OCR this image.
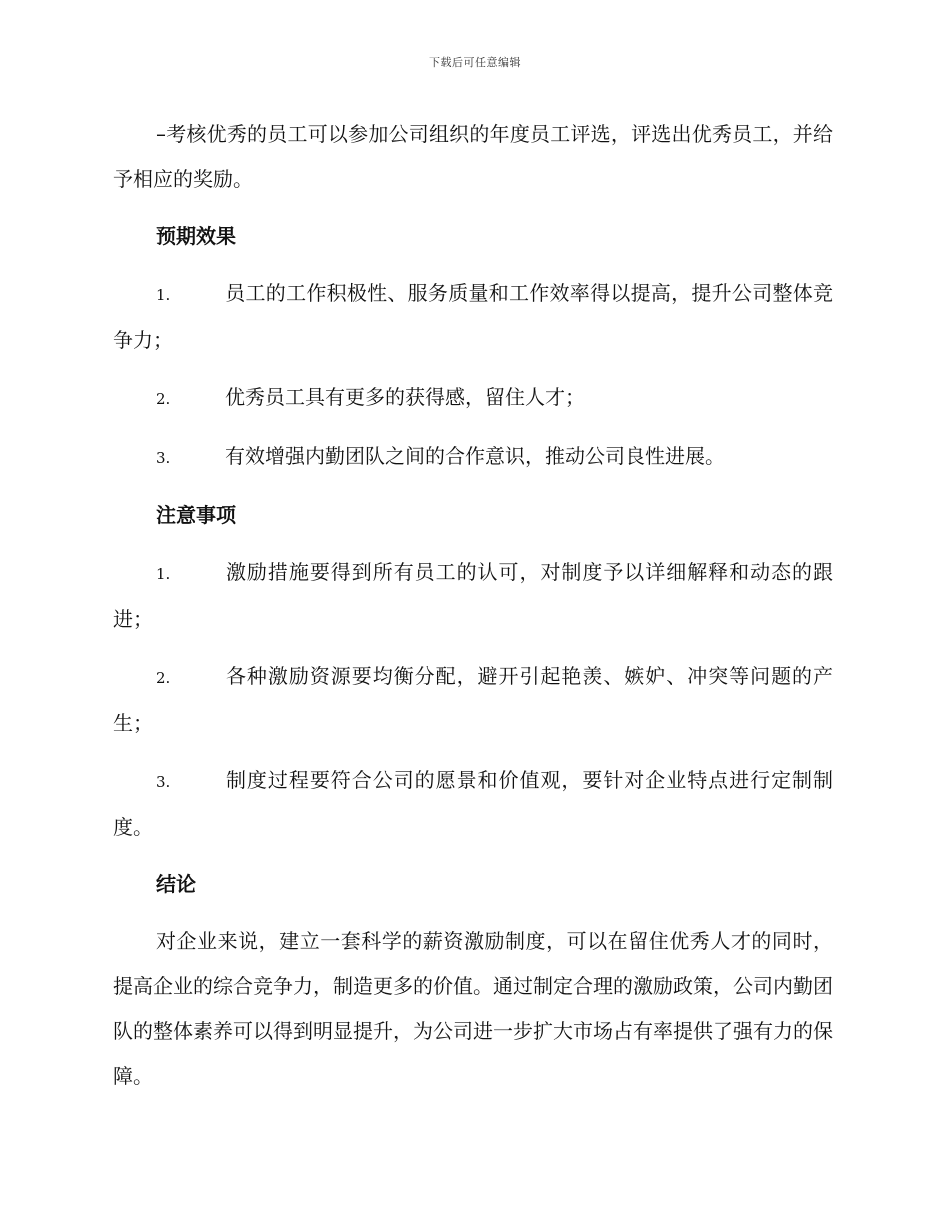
下载后可任意编辑

–考核优秀的员工可以参加公司组织的年度员工评选，评选出优秀员工，并给予相应的奖励。

预期效果

1.	员工的工作积极性、服务质量和工作效率得以提高，提升公司整体竞争力；

2.	优秀员工具有更多的获得感，留住人才；

3.	有效增强内勤团队之间的合作意识，推动公司良性进展。

注意事项

1.	激励措施要得到所有员工的认可，对制度予以详细解释和动态的跟进；

2.	各种激励资源要均衡分配，避开引起艳羡、嫉妒、冲突等问题的产生；

3.	制度过程要符合公司的愿景和价值观，要针对企业特点进行定制制度。

结论

对企业来说，建立一套科学的薪资激励制度，可以在留住优秀人才的同时，提高企业的综合竞争力，制造更多的价值。通过制定合理的激励政策，公司内勤团队的整体素养可以得到明显提升，为公司进一步扩大市场占有率提供了强有力的保障。
